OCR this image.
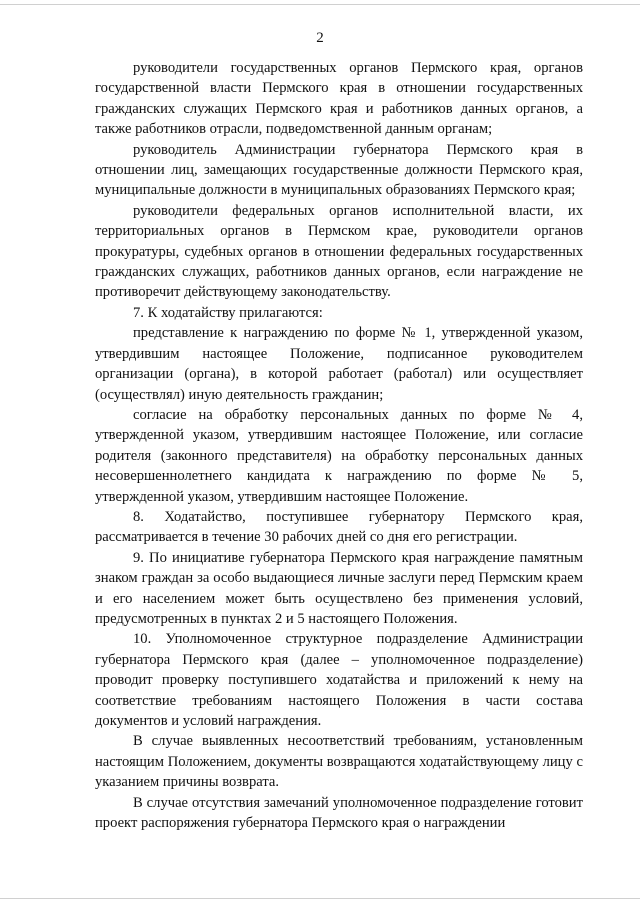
2

руководители государственных органов Пермского края, органов государственной власти Пермского края в отношении государственных гражданских служащих Пермского края и работников данных органов, а также работников отрасли, подведомственной данным органам;

руководитель Администрации губернатора Пермского края в отношении лиц, замещающих государственные должности Пермского края, муниципальные должности в муниципальных образованиях Пермского края;

руководители федеральных органов исполнительной власти, их территориальных органов в Пермском крае, руководители органов прокуратуры, судебных органов в отношении федеральных государственных гражданских служащих, работников данных органов, если награждение не противоречит действующему законодательству.

7. К ходатайству прилагаются:

представление к награждению по форме № 1, утвержденной указом, утвердившим настоящее Положение, подписанное руководителем организации (органа), в которой работает (работал) или осуществляет (осуществлял) иную деятельность гражданин;

согласие на обработку персональных данных по форме № 4, утвержденной указом, утвердившим настоящее Положение, или согласие родителя (законного представителя) на обработку персональных данных несовершеннолетнего кандидата к награждению по форме № 5, утвержденной указом, утвердившим настоящее Положение.

8. Ходатайство, поступившее губернатору Пермского края, рассматривается в течение 30 рабочих дней со дня его регистрации.

9. По инициативе губернатора Пермского края награждение памятным знаком граждан за особо выдающиеся личные заслуги перед Пермским краем и его населением может быть осуществлено без применения условий, предусмотренных в пунктах 2 и 5 настоящего Положения.

10. Уполномоченное структурное подразделение Администрации губернатора Пермского края (далее – уполномоченное подразделение) проводит проверку поступившего ходатайства и приложений к нему на соответствие требованиям настоящего Положения в части состава документов и условий награждения.

В случае выявленных несоответствий требованиям, установленным настоящим Положением, документы возвращаются ходатайствующему лицу с указанием причины возврата.

В случае отсутствия замечаний уполномоченное подразделение готовит проект распоряжения губернатора Пермского края о награждении
